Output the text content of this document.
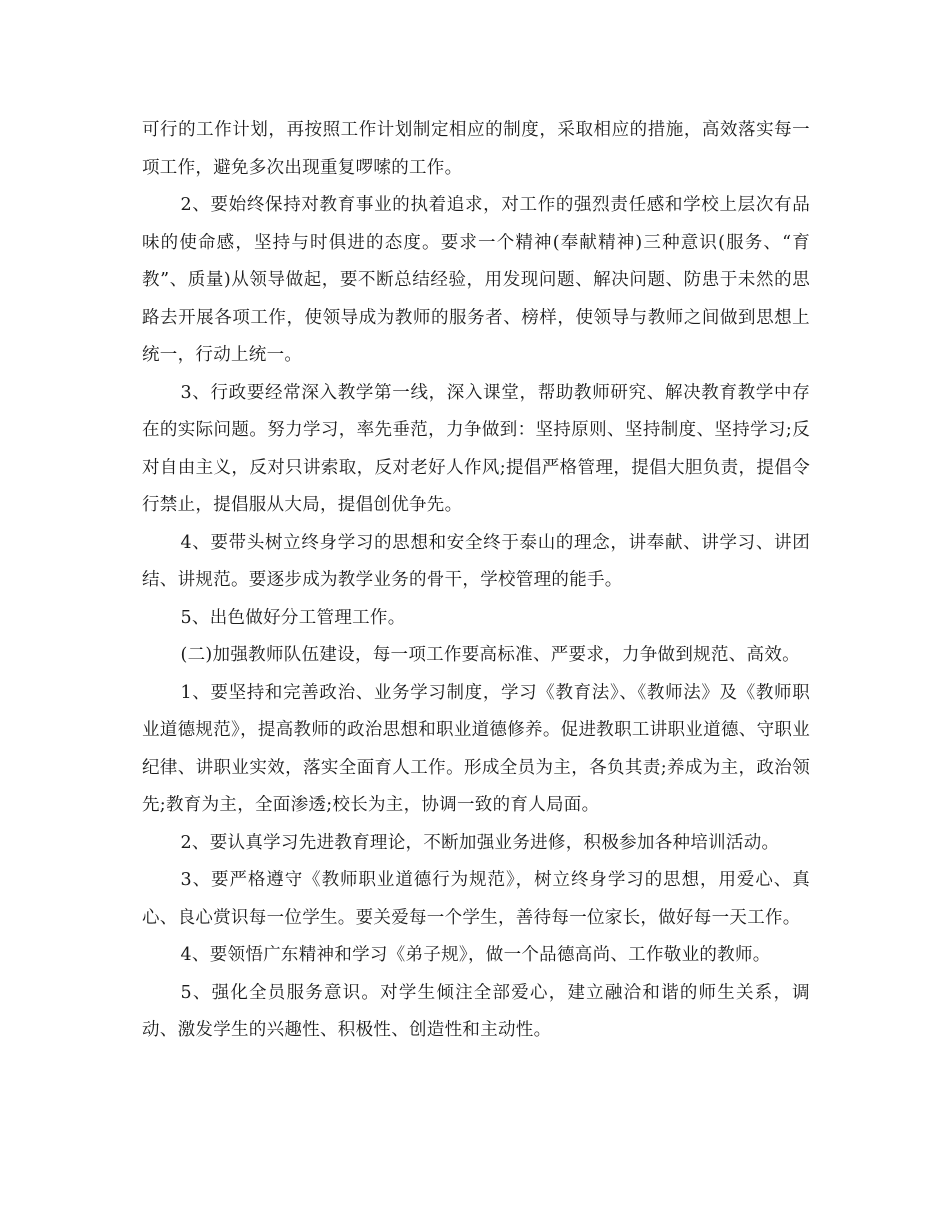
可行的工作计划，再按照工作计划制定相应的制度，采取相应的措施，高效落实每一项工作，避免多次出现重复啰嗦的工作。

2、要始终保持对教育事业的执着追求，对工作的强烈责任感和学校上层次有品味的使命感，坚持与时俱进的态度。要求一个精神(奉献精神)三种意识(服务、“育教”、质量)从领导做起，要不断总结经验，用发现问题、解决问题、防患于未然的思路去开展各项工作，使领导成为教师的服务者、榜样，使领导与教师之间做到思想上统一，行动上统一。

3、行政要经常深入教学第一线，深入课堂，帮助教师研究、解决教育教学中存在的实际问题。努力学习，率先垂范，力争做到：坚持原则、坚持制度、坚持学习;反对自由主义，反对只讲索取，反对老好人作风;提倡严格管理，提倡大胆负责，提倡令行禁止，提倡服从大局，提倡创优争先。

4、要带头树立终身学习的思想和安全终于泰山的理念，讲奉献、讲学习、讲团结、讲规范。要逐步成为教学业务的骨干，学校管理的能手。

5、出色做好分工管理工作。

(二)加强教师队伍建设，每一项工作要高标准、严要求，力争做到规范、高效。

1、要坚持和完善政治、业务学习制度，学习《教育法》、《教师法》及《教师职业道德规范》，提高教师的政治思想和职业道德修养。促进教职工讲职业道德、守职业纪律、讲职业实效，落实全面育人工作。形成全员为主，各负其责;养成为主，政治领先;教育为主，全面渗透;校长为主，协调一致的育人局面。

2、要认真学习先进教育理论，不断加强业务进修，积极参加各种培训活动。

3、要严格遵守《教师职业道德行为规范》，树立终身学习的思想，用爱心、真心、良心赏识每一位学生。要关爱每一个学生，善待每一位家长，做好每一天工作。

4、要领悟广东精神和学习《弟子规》，做一个品德高尚、工作敬业的教师。

5、强化全员服务意识。对学生倾注全部爱心，建立融洽和谐的师生关系，调动、激发学生的兴趣性、积极性、创造性和主动性。
